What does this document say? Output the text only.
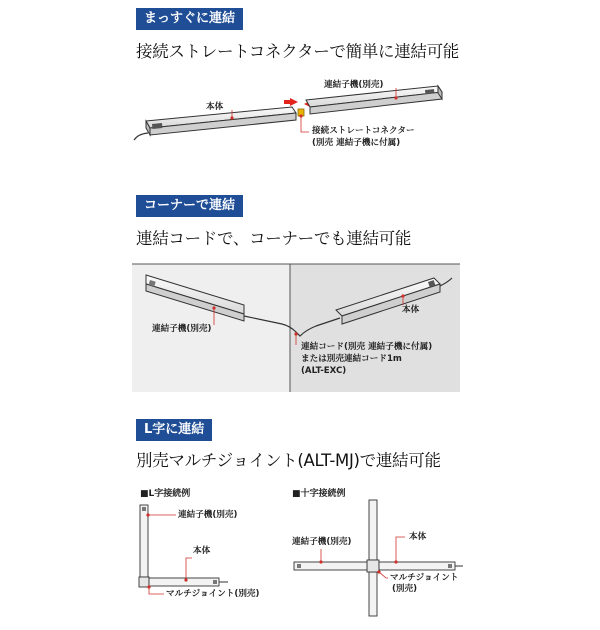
まっすぐに連結
接続ストレートコネクターで簡単に連結可能
本体
連結子機(別売)
接続ストレートコネクター
(別売 連結子機に付属)
コーナーで連結
連結コードで、コーナーでも連結可能
連結子機(別売)
本体
連結コード(別売 連結子機に付属)
または別売連結コード1m
(ALT-EXC)
L字に連結
別売マルチジョイント(ALT-MJ)で連結可能
■L字接続例	■十字接続例
連結子機(別売)
本体
マルチジョイント(別売)
本体
連結子機(別売)
マルチジョイント
(別売)
